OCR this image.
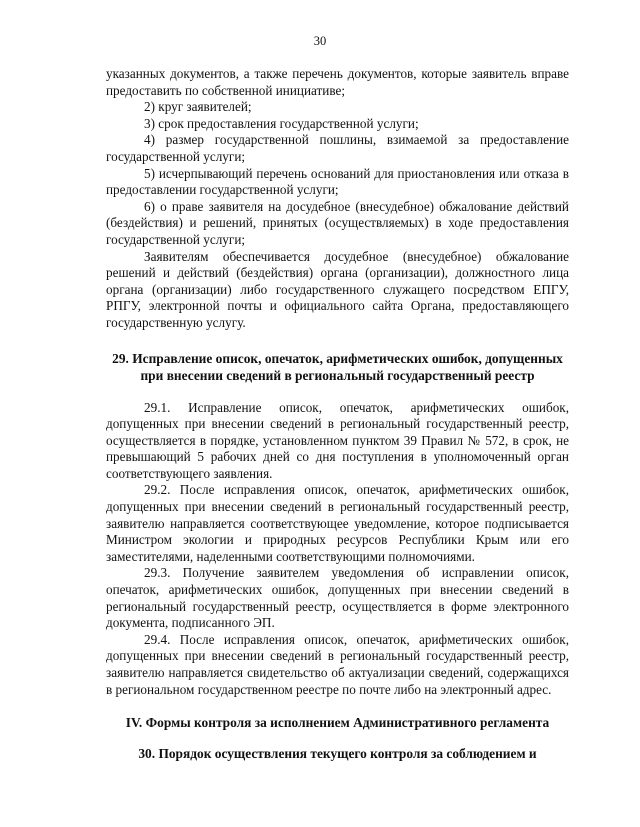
30

указанных документов, а также перечень документов, которые заявитель вправе предоставить по собственной инициативе;

2) круг заявителей;

3) срок предоставления государственной услуги;

4) размер государственной пошлины, взимаемой за предоставление государственной услуги;

5) исчерпывающий перечень оснований для приостановления или отказа в предоставлении государственной услуги;

6) о праве заявителя на досудебное (внесудебное) обжалование действий (бездействия) и решений, принятых (осуществляемых) в ходе предоставления государственной услуги;

Заявителям обеспечивается досудебное (внесудебное) обжалование решений и действий (бездействия) органа (организации), должностного лица органа (организации) либо государственного служащего посредством ЕПГУ, РПГУ, электронной почты и официального сайта Органа, предоставляющего государственную услугу.

29. Исправление описок, опечаток, арифметических ошибок, допущенных при внесении сведений в региональный государственный реестр

29.1. Исправление описок, опечаток, арифметических ошибок, допущенных при внесении сведений в региональный государственный реестр, осуществляется в порядке, установленном пунктом 39 Правил № 572, в срок, не превышающий 5 рабочих дней со дня поступления в уполномоченный орган соответствующего заявления.

29.2. После исправления описок, опечаток, арифметических ошибок, допущенных при внесении сведений в региональный государственный реестр, заявителю направляется соответствующее уведомление, которое подписывается Министром экологии и природных ресурсов Республики Крым или его заместителями, наделенными соответствующими полномочиями.

29.3. Получение заявителем уведомления об исправлении описок, опечаток, арифметических ошибок, допущенных при внесении сведений в региональный государственный реестр, осуществляется в форме электронного документа, подписанного ЭП.

29.4. После исправления описок, опечаток, арифметических ошибок, допущенных при внесении сведений в региональный государственный реестр, заявителю направляется свидетельство об актуализации сведений, содержащихся в региональном государственном реестре по почте либо на электронный адрес.

IV. Формы контроля за исполнением Административного регламента

30. Порядок осуществления текущего контроля за соблюдением и
